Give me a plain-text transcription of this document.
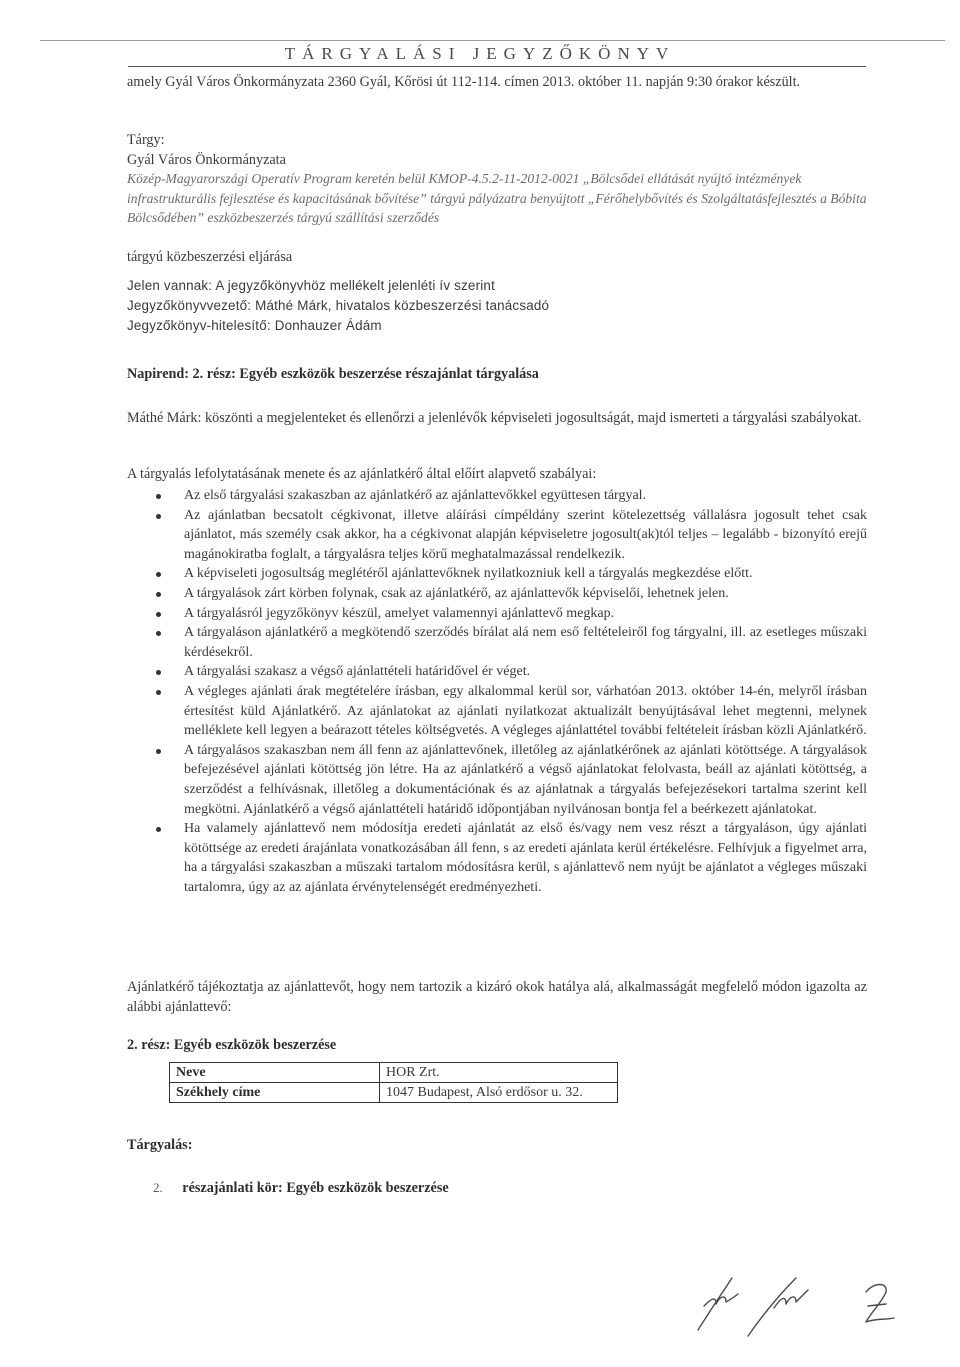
TÁRGYALÁSI JEGYZŐKÖNYV

amely Gyál Város Önkormányzata 2360 Gyál, Kőrösi út 112-114. címen 2013. október 11. napján 9:30 órakor készült.

Tárgy:

Gyál Város Önkormányzata

Közép-Magyarországi Operatív Program keretén belül KMOP-4.5.2-11-2012-0021 „Bölcsődei ellátását nyújtó intézmények infrastrukturális fejlesztése és kapacitásának bővítése” tárgyú pályázatra benyújtott „Férőhelybővítés és Szolgáltatásfejlesztés a Bóbita Bölcsődében” eszközbeszerzés tárgyú szállítási szerződés

tárgyú közbeszerzési eljárása

Jelen vannak: A jegyzőkönyvhöz mellékelt jelenléti ív szerint

Jegyzőkönyvvezető: Máthé Márk, hivatalos közbeszerzési tanácsadó

Jegyzőkönyv-hitelesítő: Donhauzer Ádám

Napirend: 2. rész: Egyéb eszközök beszerzése részajánlat tárgyalása

Máthé Márk: köszönti a megjelenteket és ellenőrzi a jelenlévők képviseleti jogosultságát, majd ismerteti a tárgyalási szabályokat.

A tárgyalás lefolytatásának menete és az ajánlatkérő által előírt alapvető szabályai:

Az első tárgyalási szakaszban az ajánlatkérő az ajánlattevőkkel együttesen tárgyal.
Az ajánlatban becsatolt cégkivonat, illetve aláírási címpéldány szerint kötelezettség vállalásra jogosult tehet csak ajánlatot, más személy csak akkor, ha a cégkivonat alapján képviseletre jogosult(ak)tól teljes – legalább - bizonyító erejű magánokiratba foglalt, a tárgyalásra teljes körű meghatalmazással rendelkezik.
A képviseleti jogosultság meglétéről ajánlattevőknek nyilatkozniuk kell a tárgyalás megkezdése előtt.
A tárgyalások zárt körben folynak, csak az ajánlatkérő, az ajánlattevők képviselői, lehetnek jelen.
A tárgyalásról jegyzőkönyv készül, amelyet valamennyi ajánlattevő megkap.
A tárgyaláson ajánlatkérő a megkötendő szerződés bírálat alá nem eső feltételeiről fog tárgyalni, ill. az esetleges műszaki kérdésekről.
A tárgyalási szakasz a végső ajánlattételi határidővel ér véget.
A végleges ajánlati árak megtételére írásban, egy alkalommal kerül sor, várhatóan 2013. október 14-én, melyről írásban értesítést küld Ajánlatkérő. Az ajánlatokat az ajánlati nyilatkozat aktualizált benyújtásával lehet megtenni, melynek melléklete kell legyen a beárazott tételes költségvetés. A végleges ajánlattétel további feltételeit írásban közli Ajánlatkérő.
A tárgyalásos szakaszban nem áll fenn az ajánlattevőnek, illetőleg az ajánlatkérőnek az ajánlati kötöttsége. A tárgyalások befejezésével ajánlati kötöttség jön létre. Ha az ajánlatkérő a végső ajánlatokat felolvasta, beáll az ajánlati kötöttség, a szerződést a felhívásnak, illetőleg a dokumentációnak és az ajánlatnak a tárgyalás befejezésekori tartalma szerint kell megkötni. Ajánlatkérő a végső ajánlattételi határidő időpontjában nyilvánosan bontja fel a beérkezett ajánlatokat.
Ha valamely ajánlattevő nem módosítja eredeti ajánlatát az első és/vagy nem vesz részt a tárgyaláson, úgy ajánlati kötöttsége az eredeti árajánlata vonatkozásában áll fenn, s az eredeti ajánlata kerül értékelésre. Felhívjuk a figyelmet arra, ha a tárgyalási szakaszban a műszaki tartalom módosításra kerül, s ajánlattevő nem nyújt be ajánlatot a végleges műszaki tartalomra, úgy az az ajánlata érvénytelenségét eredményezheti.

Ajánlatkérő tájékoztatja az ajánlattevőt, hogy nem tartozik a kizáró okok hatálya alá, alkalmasságát megfelelő módon igazolta az alábbi ajánlattevő:

2. rész: Egyéb eszközök beszerzése

Neve	HOR Zrt.
Székhely címe	1047 Budapest, Alsó erdősor u. 32.

Tárgyalás:

2. részajánlati kör: Egyéb eszközök beszerzése
